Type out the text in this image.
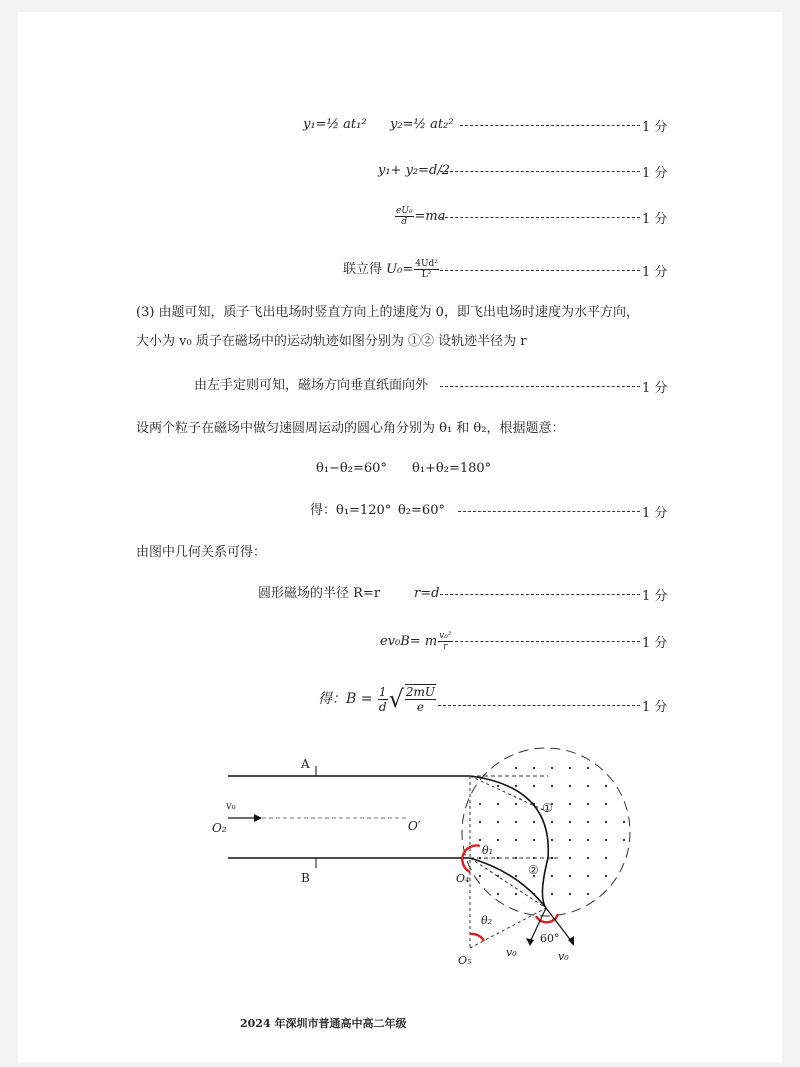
y₁=½ at₁² y₂=½ at₂²	1 分
y₁+ y₂=d/2	1 分
$\frac{\text{eU₀}}{d} =ma$	1 分
联立得 $U_0= \frac{\text{4Ud²}}{\text{L²}}$	1 分
(3) 由题可知，质子飞出电场时竖直方向上的速度为 0，即飞出电场时速度为水平方向，
大小为 v₀ 质子在磁场中的运动轨迹如图分别为 ①② 设轨迹半径为 r
由左手定则可知，磁场方向垂直纸面向外	1 分
设两个粒子在磁场中做匀速圆周运动的圆心角分别为 θ₁ 和 θ₂，根据题意：
θ₁−θ₂=60° θ₁+θ₂=180°
得：θ₁=120° θ₂=60°	1 分
由图中几何关系可得：
圆形磁场的半径 R=r	r=d	1 分
ev₀B= m $\frac{\text{v₀²}}{r}$	1 分
得：$B = \frac{1}{d}$ √ $\frac{2mU}{e}$	1 分
A
B
v₀
O₂	O′
θ₁
θ₂
①
②
60°
O₄
O₅
v₀	v₀
2024 年深圳市普通高中高二年级
